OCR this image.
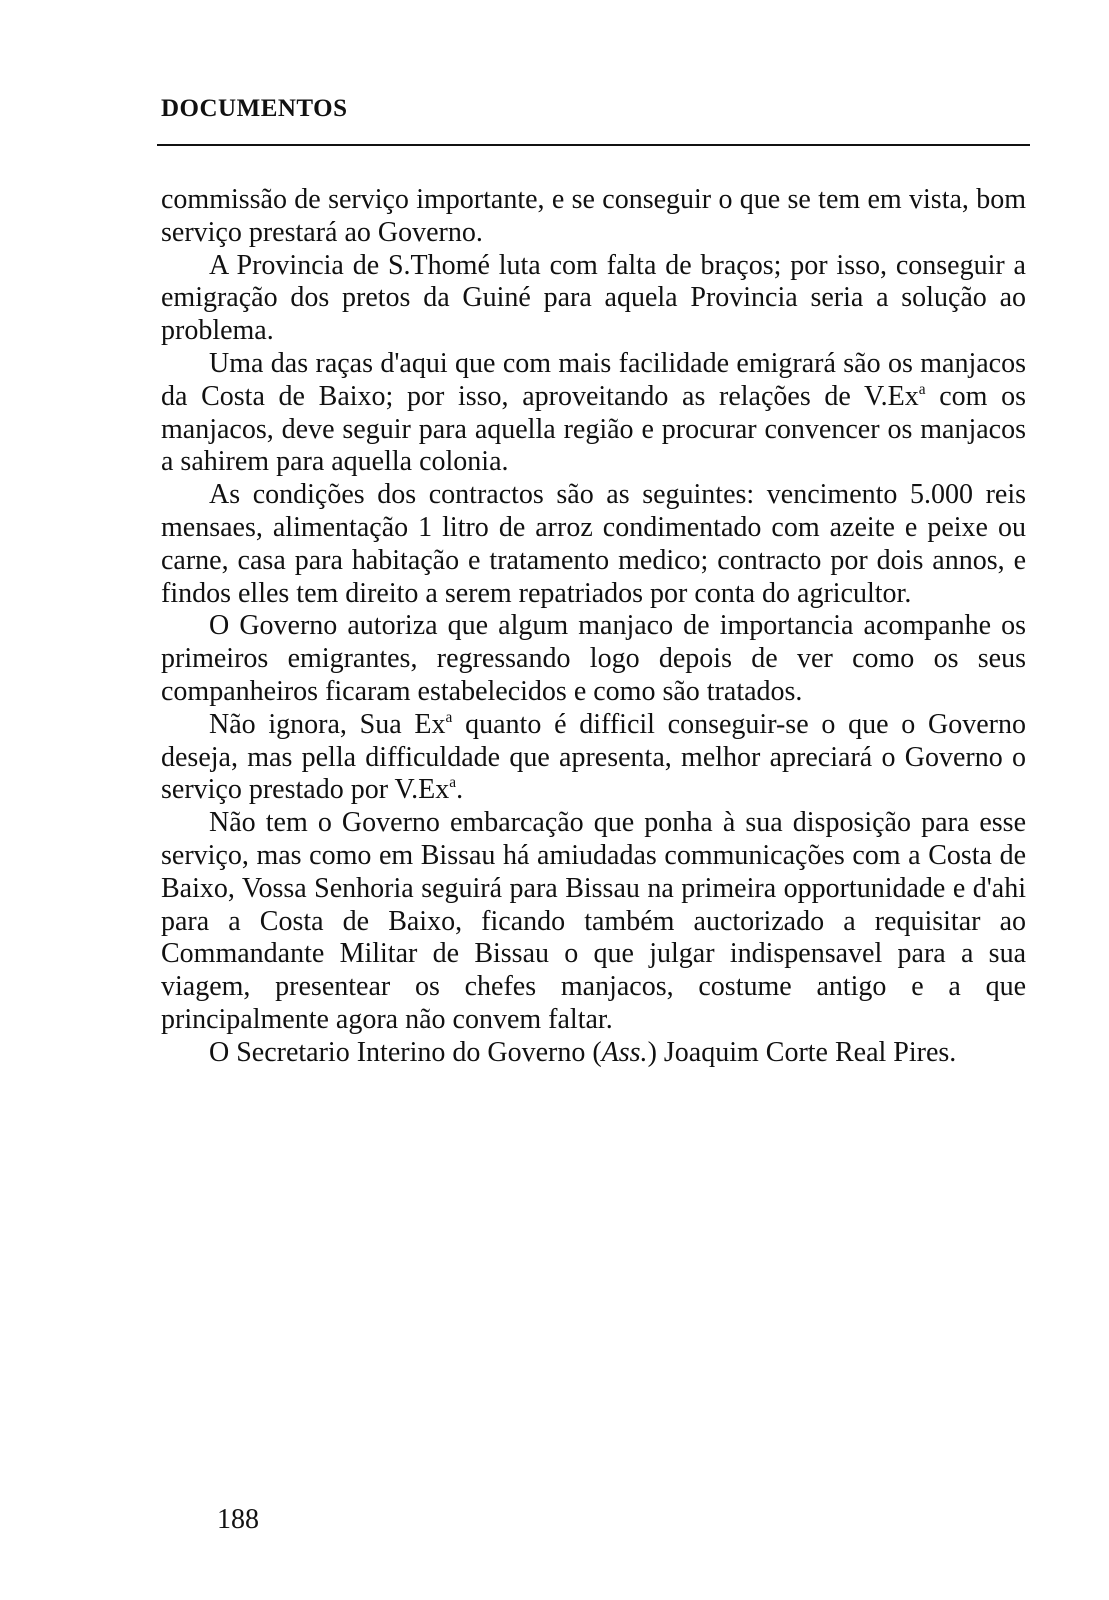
DOCUMENTOS

commissão de serviço importante, e se conseguir o que se tem em vista, bom serviço prestará ao Governo.

A Provincia de S.Thomé luta com falta de braços; por isso, conseguir a emigração dos pretos da Guiné para aquela Provincia seria a solução ao problema.

Uma das raças d'aqui que com mais facilidade emigrará são os manjacos da Costa de Baixo; por isso, aproveitando as relações de V.Ex$^a$ com os manjacos, deve seguir para aquella região e procurar convencer os manjacos a sahirem para aquella colonia.

As condições dos contractos são as seguintes: vencimento 5.000 reis mensaes, alimentação 1 litro de arroz condimentado com azeite e peixe ou carne, casa para habitação e tratamento medico; contracto por dois annos, e findos elles tem direito a serem repatriados por conta do agricultor.

O Governo autoriza que algum manjaco de importancia acompanhe os primeiros emigrantes, regressando logo depois de ver como os seus companheiros ficaram estabelecidos e como são tratados.

Não ignora, Sua Ex$^a$ quanto é difficil conseguir-se o que o Governo deseja, mas pella difficuldade que apresenta, melhor apreciará o Governo o serviço prestado por V.Ex$^a$.

Não tem o Governo embarcação que ponha à sua disposição para esse serviço, mas como em Bissau há amiudadas communicações com a Costa de Baixo, Vossa Senhoria seguirá para Bissau na primeira opportunidade e d'ahi para a Costa de Baixo, ficando também auctorizado a requisitar ao Commandante Militar de Bissau o que julgar indispensavel para a sua viagem, presentear os chefes manjacos, costume antigo e a que principalmente agora não convem faltar.

O Secretario Interino do Governo (Ass.) Joaquim Corte Real Pires.

188
